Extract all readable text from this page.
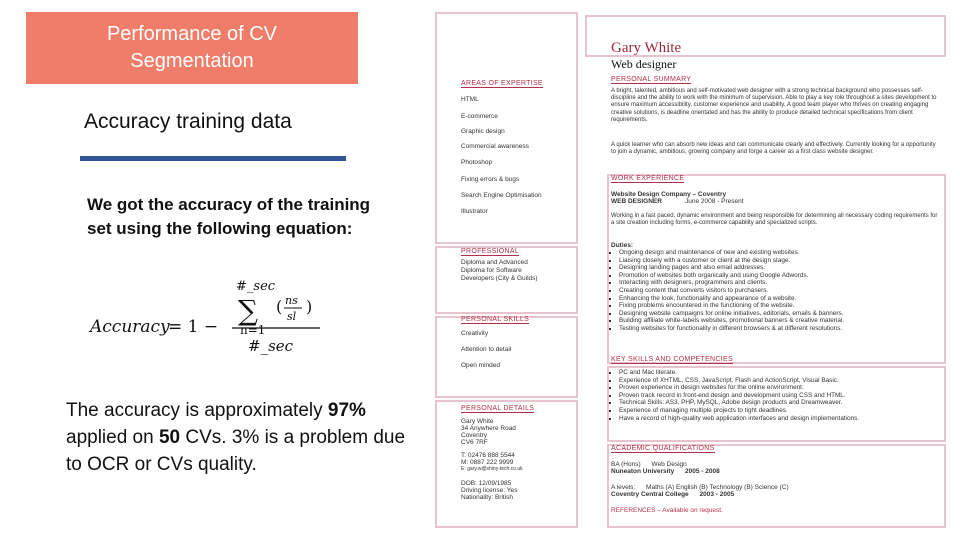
Performance of CV
Segmentation
Accuracy training data
We got the accuracy of the training set using the following equation:
Accuracy
= 1 −
#_sec
∑
n=1
( ns
sl
)
#_sec
The accuracy is approximately 97% applied on 50 CVs. 3% is a problem due to OCR or CVs quality.
Gary White
Web designer
AREAS OF EXPERTISE
HTML
E-commerce
Graphic design
Commercial awareness
Photoshop
Fixing errors & bugs
Search Engine Optimisation
Illustrator
PROFESSIONAL
Diploma and Advanced
Diploma for Software
Developers (City & Guilds)
PERSONAL SKILLS
Creativity
Attention to detail
Open minded
PERSONAL DETAILS
Gary White
34 Anywhere Road
Coventry
CV6 7RF
T: 02476 888 5544
M: 0887 222 9999
E: gary.w@shiny-tech.co.uk
DOB: 12/09/1985
Driving license: Yes
Nationality: British
PERSONAL SUMMARY
A bright, talented, ambitious and self-motivated web designer with a strong technical background who possesses self-discipline and the ability to work with the minimum of supervision. Able to play a key role throughout a sites development to ensure maximum accessibility, customer experience and usability. A good team player who thrives on creating engaging creative solutions, is deadline orientated and has the ability to produce detailed technical specifications from client requirements.
A quick learner who can absorb new ideas and can communicate clearly and effectively. Currently looking for a opportunity to join a dynamic, ambitious, growing company and forge a career as a first class website designer.
WORK EXPERIENCE
Website Design Company – Coventry
WEB DESIGNER	June 2008 - Present
Working in a fast paced, dynamic environment and being responsible for determining all necessary coding requirements for a site creation including forms, e-commerce capability and specialized scripts.
Duties:
▪ Ongoing design and maintenance of new and existing websites.
▪ Liaising closely with a customer or client at the design stage.
▪ Designing landing pages and also email addresses.
▪ Promotion of websites both organically and using Google Adwords.
▪ Interacting with designers, programmers and clients.
▪ Creating content that converts visitors to purchasers.
▪ Enhancing the look, functionality and appearance of a website.
▪ Fixing problems encountered in the functioning of the website.
▪ Designing website campaigns for online initiatives, editorials, emails & banners.
▪ Building affiliate white-labels websites, promotional banners & creative material.
▪ Testing websites for functionality in different browsers & at different resolutions.
KEY SKILLS AND COMPETENCIES
▪ PC and Mac literate.
▪ Experience of XHTML, CSS, JavaScript, Flash and ActionScript, Visual Basic.
▪ Proven experience in design websites for the online environment.
▪ Proven track record in front-end design and development using CSS and HTML.
▪ Technical Skills: AS3, PHP, MySQL, Adobe design products and Dreamweaver.
▪ Experience of managing multiple projects to tight deadlines.
▪ Have a record of high-quality web application interfaces and design implementations.
ACADEMIC QUALIFICATIONS
BA (Hons)      Web Design
Nuneaton University      2005 - 2008
A levels:      Maths (A) English (B) Technology (B) Science (C)
Coventry Central College      2003 - 2005
REFERENCES – Available on request.
